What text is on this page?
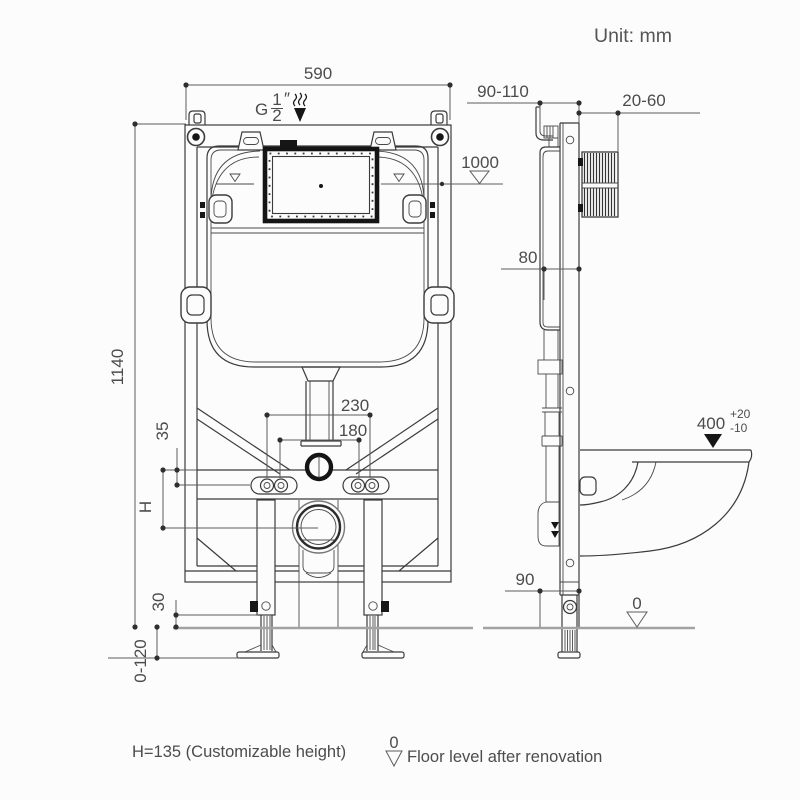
590
1140
90-110	20-60
1000
80
230
180
35
H
30
0-120
400 +20
-10
90
0
Unit: mm
G
1
2
″
H=135 (Customizable height)	0
Floor level after renovation
